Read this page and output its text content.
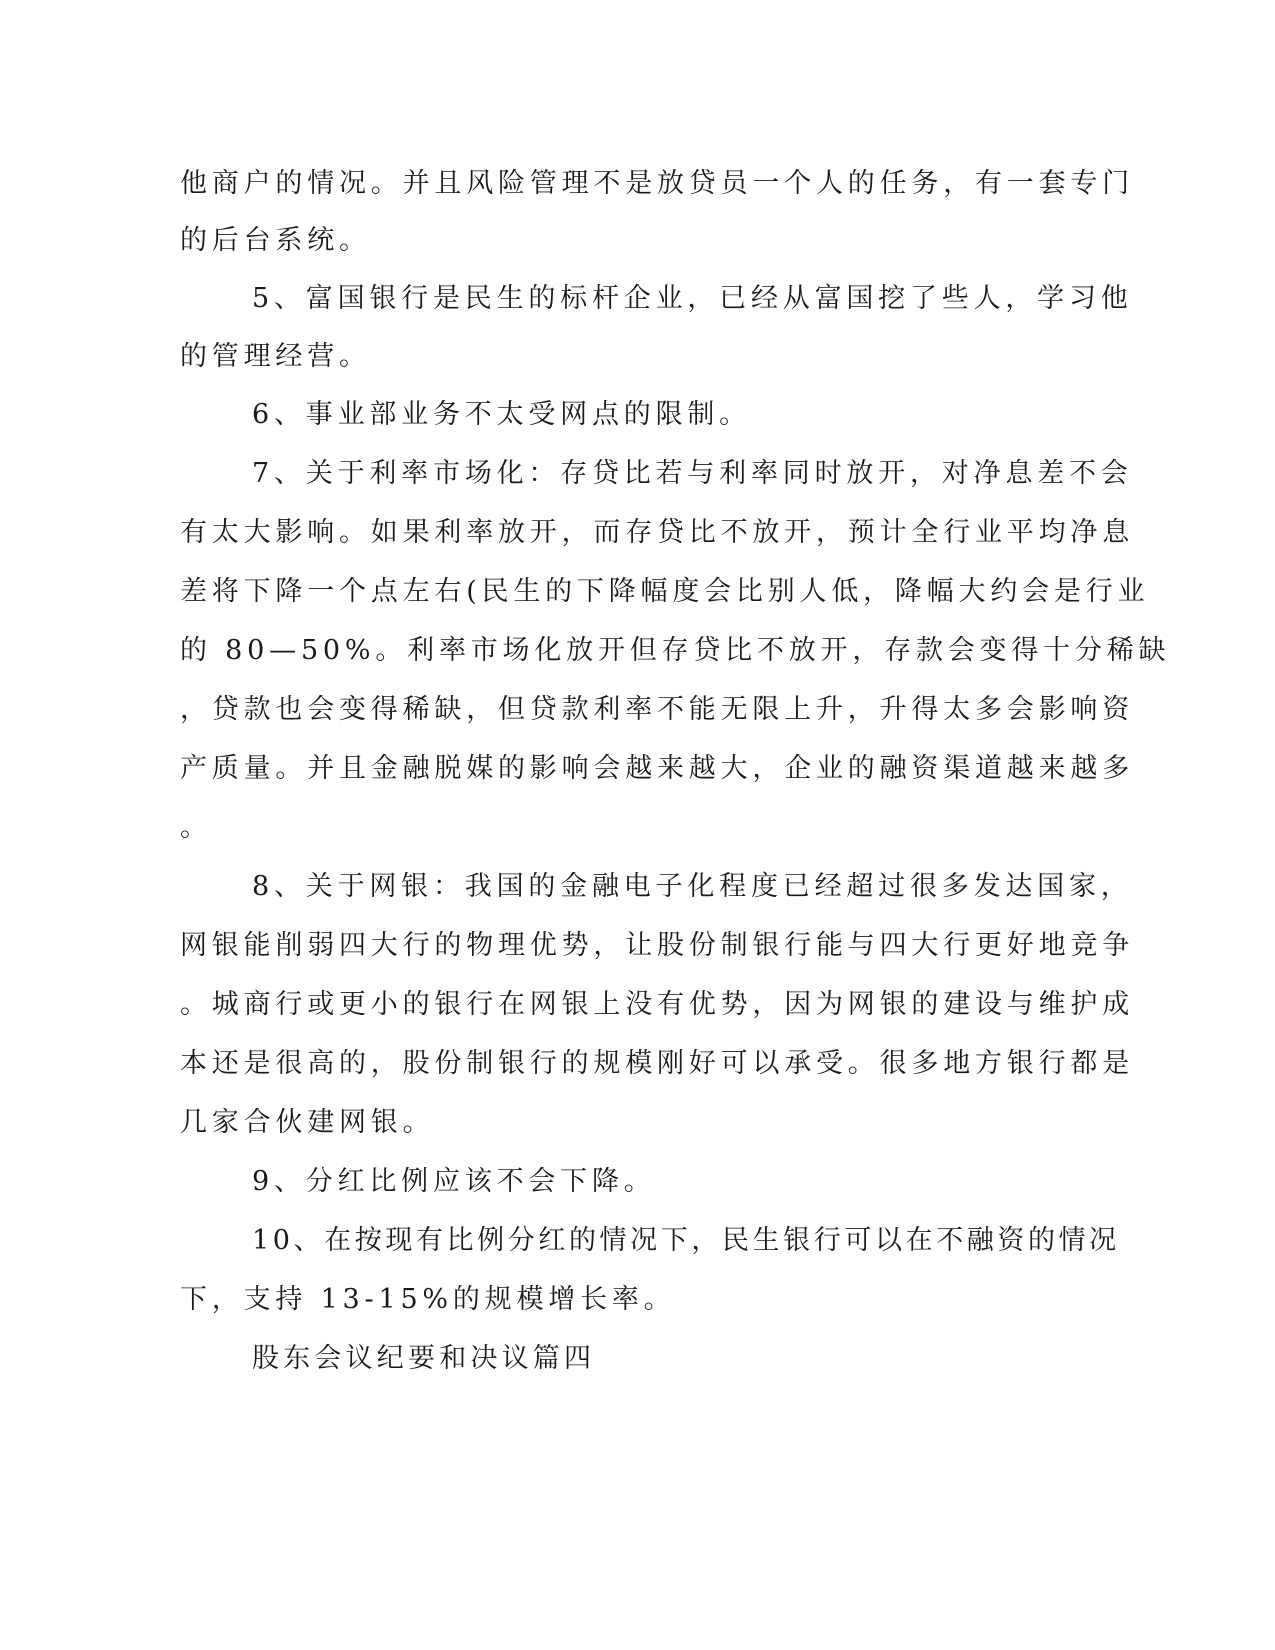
他商户的情况。并且风险管理不是放贷员一个人的任务，有一套专门
的后台系统。
5、富国银行是民生的标杆企业，已经从富国挖了些人，学习他
的管理经营。
6、事业部业务不太受网点的限制。
7、关于利率市场化：存贷比若与利率同时放开，对净息差不会
有太大影响。如果利率放开，而存贷比不放开，预计全行业平均净息
差将下降一个点左右(民生的下降幅度会比别人低，降幅大约会是行业
的 80—50%。利率市场化放开但存贷比不放开，存款会变得十分稀缺
，贷款也会变得稀缺，但贷款利率不能无限上升，升得太多会影响资
产质量。并且金融脱媒的影响会越来越大，企业的融资渠道越来越多
。
8、关于网银：我国的金融电子化程度已经超过很多发达国家，
网银能削弱四大行的物理优势，让股份制银行能与四大行更好地竞争
。城商行或更小的银行在网银上没有优势，因为网银的建设与维护成
本还是很高的，股份制银行的规模刚好可以承受。很多地方银行都是
几家合伙建网银。
9、分红比例应该不会下降。
10、在按现有比例分红的情况下，民生银行可以在不融资的情况
下，支持 13-15%的规模增长率。
股东会议纪要和决议篇四
